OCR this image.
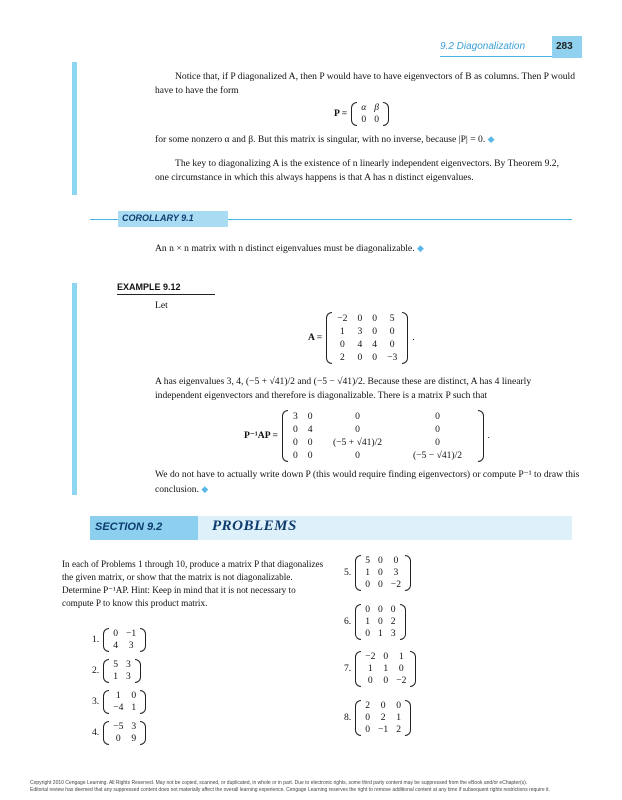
9.2 Diagonalization	283
Notice that, if P diagonalized A, then P would have to have eigenvectors of B as columns. Then P would have to have the form
P =
α	β
0	0
for some nonzero α and β. But this matrix is singular, with no inverse, because |P| = 0. ◆
The key to diagonalizing A is the existence of n linearly independent eigenvectors. By Theorem 9.2, one circumstance in which this always happens is that A has n distinct eigenvalues.
COROLLARY 9.1
An n × n matrix with n distinct eigenvalues must be diagonalizable. ◆
EXAMPLE 9.12
Let
A =
−2	0	0	5
1	3	0	0
0	4	4	0
2	0	0	−3
.
A has eigenvalues 3, 4, (−5 + √41)/2 and (−5 − √41)/2. Because these are distinct, A has 4 linearly independent eigenvectors and therefore is diagonalizable. There is a matrix P such that
P⁻¹AP =
3	0	0	0
0	4	0	0
0	0	(−5 + √41)/2	0
0	0	0	(−5 − √41)/2
.
We do not have to actually write down P (this would require finding eigenvectors) or compute P⁻¹ to draw this conclusion. ◆
SECTION 9.2	PROBLEMS
In each of Problems 1 through 10, produce a matrix P that diagonalizes the given matrix, or show that the matrix is not diagonalizable. Determine P⁻¹AP. Hint: Keep in mind that it is not necessary to compute P to know this product matrix.
1.
0	−1
4	3
2.
5	3
1	3
3.
1	0
−4	1
4.
−5	3
0	9
5.
5	0	0
1	0	3
0	0	−2
6.
0	0	0
1	0	2
0	1	3
7.
−2	0	1
1	1	0
0	0	−2
8.
2	0	0
0	2	1
0	−1	2
Copyright 2010 Cengage Learning. All Rights Reserved. May not be copied, scanned, or duplicated, in whole or in part. Due to electronic rights, some third party content may be suppressed from the eBook and/or eChapter(s).
Editorial review has deemed that any suppressed content does not materially affect the overall learning experience. Cengage Learning reserves the right to remove additional content at any time if subsequent rights restrictions require it.
